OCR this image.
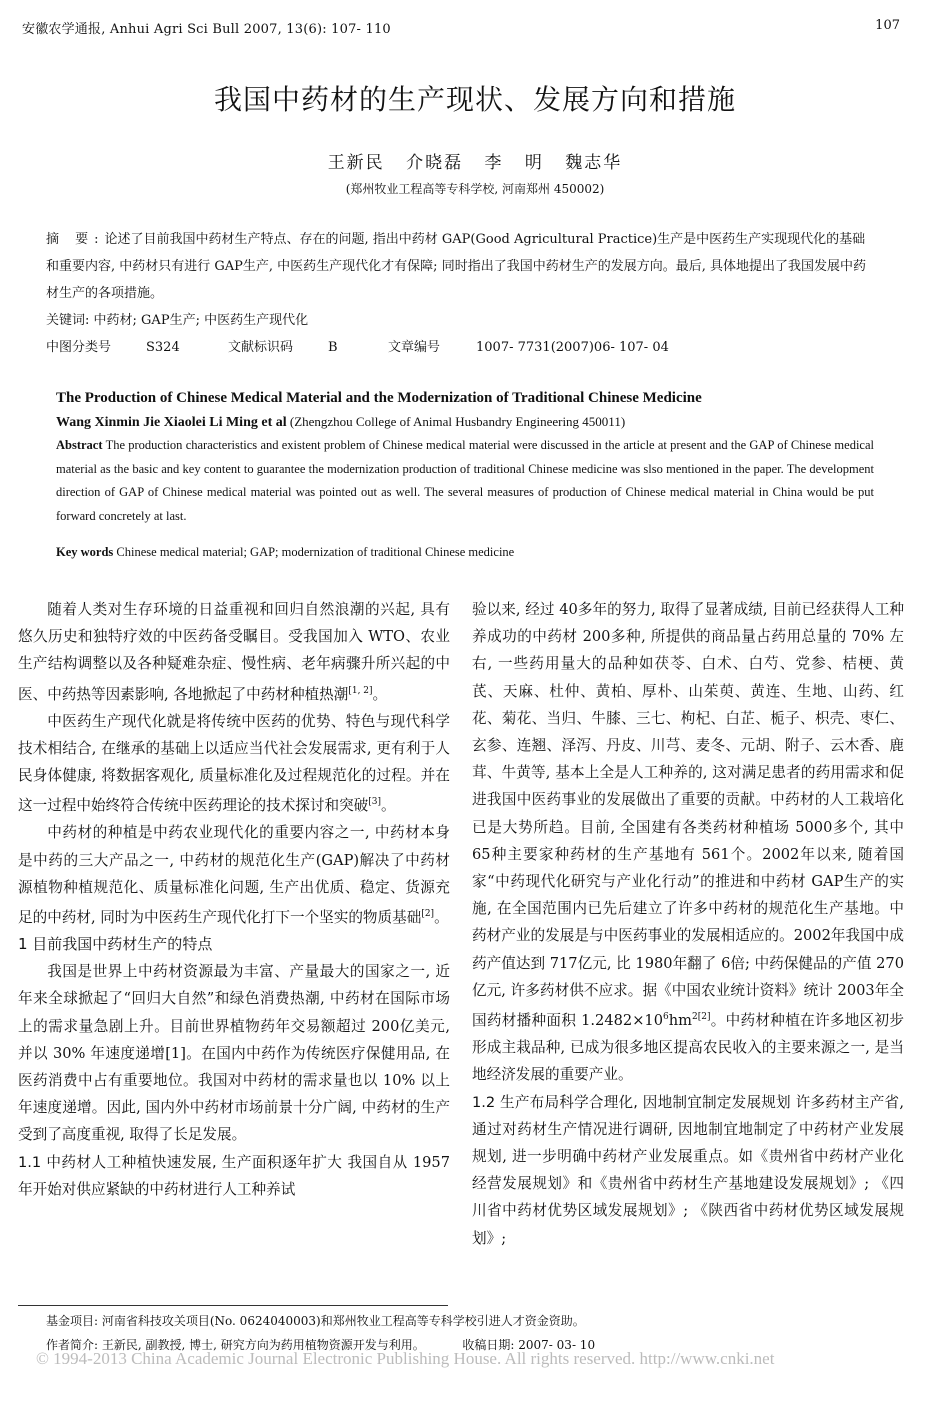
安徽农学通报, Anhui Agri Sci Bull 2007, 13(6): 107- 110	107
我国中药材的生产现状、发展方向和措施
王新民 介晓磊 李 明 魏志华
(郑州牧业工程高等专科学校, 河南郑州 450002)

摘 要:论述了目前我国中药材生产特点、存在的问题, 指出中药材 GAP(Good Agricultural Practice)生产是中医药生产实现现代化的基础和重要内容, 中药材只有进行 GAP生产, 中医药生产现代化才有保障; 同时指出了我国中药材生产的发展方向。最后, 具体地提出了我国发展中药材生产的各项措施。

关键词: 中药材; GAP生产; 中医药生产现代化

中图分类号	S324	文献标识码	B	文章编号	1007- 7731(2007)06- 107- 04
The Production of Chinese Medical Material and the Modernization of Traditional Chinese Medicine
Wang Xinmin Jie Xiaolei Li Ming et al (Zhengzhou College of Animal Husbandry Engineering 450011)

Abstract The production characteristics and existent problem of Chinese medical material were discussed in the article at present and the GAP of Chinese medical material as the basic and key content to guarantee the modernization production of traditional Chinese medicine was slso mentioned in the paper. The development direction of GAP of Chinese medical material was pointed out as well. The several measures of production of Chinese medical material in China would be put forward concretely at last.

Key words Chinese medical material; GAP; modernization of traditional Chinese medicine

随着人类对生存环境的日益重视和回归自然浪潮的兴起, 具有悠久历史和独特疗效的中医药备受瞩目。受我国加入 WTO、农业生产结构调整以及各种疑难杂症、慢性病、老年病骤升所兴起的中医、中药热等因素影响, 各地掀起了中药材种植热潮[1, 2]。

中医药生产现代化就是将传统中医药的优势、特色与现代科学技术相结合, 在继承的基础上以适应当代社会发展需求, 更有利于人民身体健康, 将数据客观化, 质量标准化及过程规范化的过程。并在这一过程中始终符合传统中医药理论的技术探讨和突破[3]。

中药材的种植是中药农业现代化的重要内容之一, 中药材本身是中药的三大产品之一, 中药材的规范化生产(GAP)解决了中药材源植物种植规范化、质量标准化问题, 生产出优质、稳定、货源充足的中药材, 同时为中医药生产现代化打下一个坚实的物质基础[2]。

1 目前我国中药材生产的特点

我国是世界上中药材资源最为丰富、产量最大的国家之一, 近年来全球掀起了“回归大自然”和绿色消费热潮, 中药材在国际市场上的需求量急剧上升。目前世界植物药年交易额超过 200亿美元, 并以 30% 年速度递增[1]。在国内中药作为传统医疗保健用品, 在医药消费中占有重要地位。我国对中药材的需求量也以 10% 以上年速度递增。因此, 国内外中药材市场前景十分广阔, 中药材的生产受到了高度重视, 取得了长足发展。

1.1 中药材人工种植快速发展, 生产面积逐年扩大 我国自从 1957年开始对供应紧缺的中药材进行人工种养试

验以来, 经过 40多年的努力, 取得了显著成绩, 目前已经获得人工种养成功的中药材 200多种, 所提供的商品量占药用总量的 70% 左右, 一些药用量大的品种如茯苓、白术、白芍、党参、桔梗、黄芪、天麻、杜仲、黄柏、厚朴、山茱萸、黄连、生地、山药、红花、菊花、当归、牛膝、三七、枸杞、白芷、栀子、枳壳、枣仁、玄参、连翘、泽泻、丹皮、川芎、麦冬、元胡、附子、云木香、鹿茸、牛黄等, 基本上全是人工种养的, 这对满足患者的药用需求和促进我国中医药事业的发展做出了重要的贡献。中药材的人工栽培化已是大势所趋。目前, 全国建有各类药材种植场 5000多个, 其中 65种主要家种药材的生产基地有 561个。2002年以来, 随着国家“中药现代化研究与产业化行动”的推进和中药材 GAP生产的实施, 在全国范围内已先后建立了许多中药材的规范化生产基地。中药材产业的发展是与中医药事业的发展相适应的。2002年我国中成药产值达到 717亿元, 比 1980年翻了 6倍; 中药保健品的产值 270亿元, 许多药材供不应求。据《中国农业统计资料》统计 2003年全国药材播种面积 $1.2482\times 10^6hm^{2[2]}$。中药材种植在许多地区初步形成主栽品种, 已成为很多地区提高农民收入的主要来源之一, 是当地经济发展的重要产业。

1.2 生产布局科学合理化, 因地制宜制定发展规划 许多药材主产省, 通过对药材生产情况进行调研, 因地制宜地制定了中药材产业发展规划, 进一步明确中药材产业发展重点。如《贵州省中药材产业化经营发展规划》和《贵州省中药材生产基地建设发展规划》; 《四川省中药材优势区域发展规划》; 《陕西省中药材优势区域发展规划》;

基金项目: 河南省科技攻关项目(No. 0624040003)和郑州牧业工程高等专科学校引进人才资金资助。
作者简介: 王新民, 副教授, 博士, 研究方向为药用植物资源开发与利用。	收稿日期: 2007- 03- 10
© 1994-2013 China Academic Journal Electronic Publishing House. All rights reserved. http://www.cnki.net
